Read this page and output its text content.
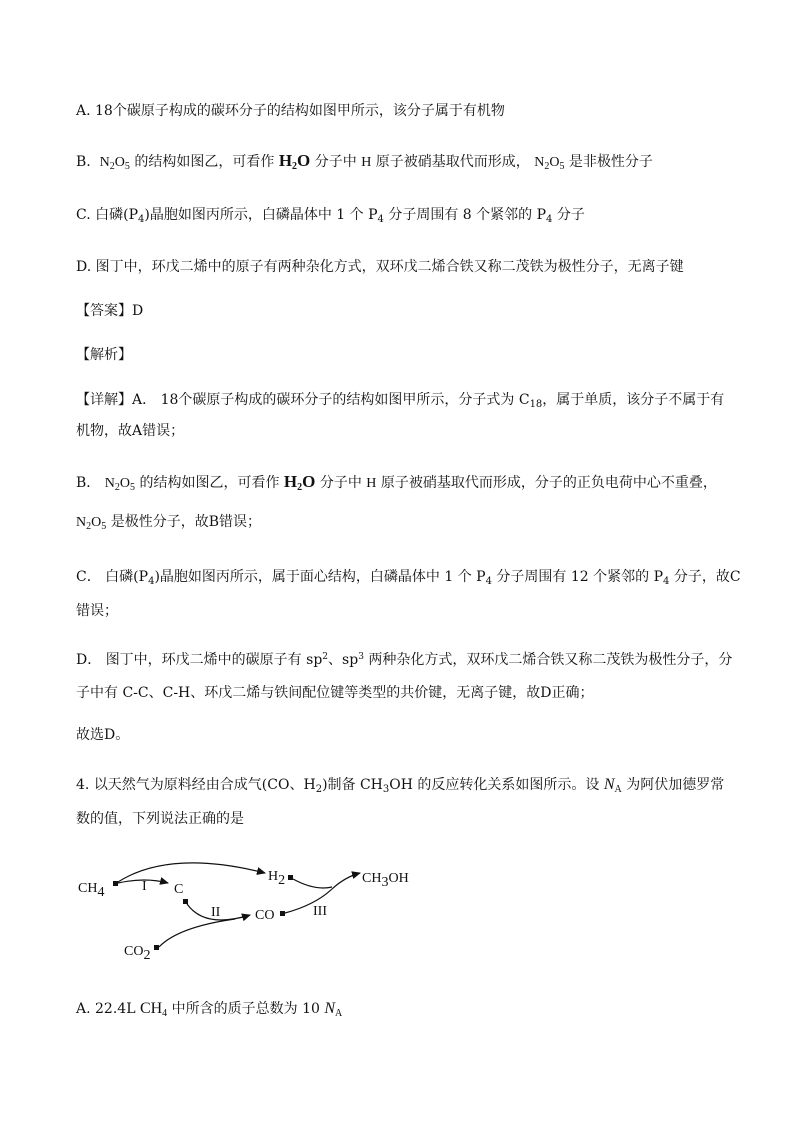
A. 18个碳原子构成的碳环分子的结构如图甲所示，该分子属于有机物
B. $N_2O_5$ 的结构如图乙，可看作 $H_2O$ 分子中 H 原子被硝基取代而形成， $N_2O_5$ 是非极性分子
C. 白磷$(P_4)$晶胞如图丙所示，白磷晶体中 1 个 $P_4$ 分子周围有 8 个紧邻的 $P_4$ 分子
D. 图丁中，环戊二烯中的原子有两种杂化方式，双环戊二烯合铁又称二茂铁为极性分子，无离子键
【答案】D
【解析】
【详解】A． 18个碳原子构成的碳环分子的结构如图甲所示，分子式为 $C_{18}$，属于单质，该分子不属于有
机物，故A错误；
B． $N_2O_5$ 的结构如图乙，可看作 $H_2O$ 分子中 H 原子被硝基取代而形成，分子的正负电荷中心不重叠，
$N_2O_5$ 是极性分子，故B错误；
C． 白磷$(P_4)$晶胞如图丙所示，属于面心结构，白磷晶体中 1 个 $P_4$ 分子周围有 12 个紧邻的 $P_4$ 分子，故C
错误；
D． 图丁中，环戊二烯中的碳原子有 $sp^2$、$sp^3$ 两种杂化方式，双环戊二烯合铁又称二茂铁为极性分子，分
子中有 C-C、C-H、环戊二烯与铁间配位键等类型的共价键，无离子键，故D正确；
故选D。
4. 以天然气为原料经由合成气(CO、$H_2$)制备 $CH_3OH$ 的反应转化关系如图所示。设 $N_A$ 为阿伏加德罗常
数的值，下列说法正确的是
CH4	C
H2
CO
CO2
CH3OH
I
II	III
A. 22.4L $CH_4$ 中所含的质子总数为 10 $N_A$
